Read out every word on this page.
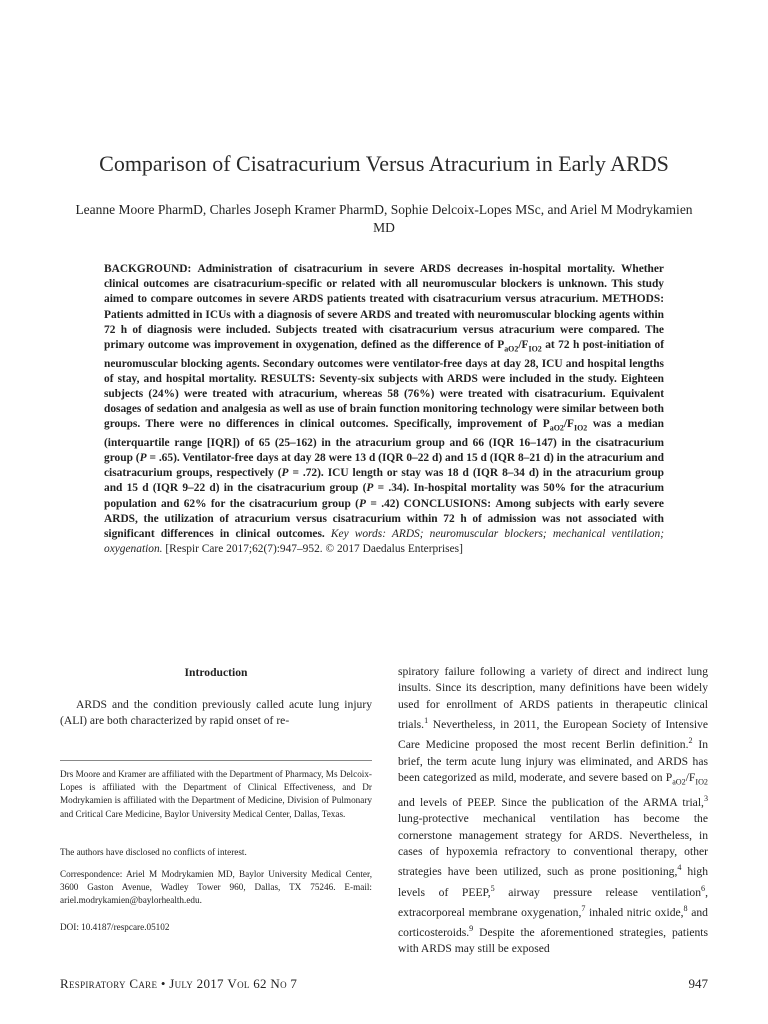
Comparison of Cisatracurium Versus Atracurium in Early ARDS
Leanne Moore PharmD, Charles Joseph Kramer PharmD, Sophie Delcoix-Lopes MSc, and Ariel M Modrykamien MD
BACKGROUND: Administration of cisatracurium in severe ARDS decreases in-hospital mortality. Whether clinical outcomes are cisatracurium-specific or related with all neuromuscular blockers is unknown. This study aimed to compare outcomes in severe ARDS patients treated with cisatracurium versus atracurium. METHODS: Patients admitted in ICUs with a diagnosis of severe ARDS and treated with neuromuscular blocking agents within 72 h of diagnosis were included. Subjects treated with cisatracurium versus atracurium were compared. The primary outcome was improvement in oxygenation, defined as the difference of $P_{aO2}/F_{IO2}$ at 72 h post-initiation of neuromuscular blocking agents. Secondary outcomes were ventilator-free days at day 28, ICU and hospital lengths of stay, and hospital mortality. RESULTS: Seventy-six subjects with ARDS were included in the study. Eighteen subjects (24%) were treated with atracurium, whereas 58 (76%) were treated with cisatracurium. Equivalent dosages of sedation and analgesia as well as use of brain function monitoring technology were similar between both groups. There were no differences in clinical outcomes. Specifically, improvement of $P_{aO2}/F_{IO2}$ was a median (interquartile range [IQR]) of 65 (25–162) in the atracurium group and 66 (IQR 16–147) in the cisatracurium group (P = .65). Ventilator-free days at day 28 were 13 d (IQR 0–22 d) and 15 d (IQR 8–21 d) in the atracurium and cisatracurium groups, respectively (P = .72). ICU length or stay was 18 d (IQR 8–34 d) in the atracurium group and 15 d (IQR 9–22 d) in the cisatracurium group (P = .34). In-hospital mortality was 50% for the atracurium population and 62% for the cisatracurium group (P = .42) CONCLUSIONS: Among subjects with early severe ARDS, the utilization of atracurium versus cisatracurium within 72 h of admission was not associated with significant differences in clinical outcomes. Key words: ARDS; neuromuscular blockers; mechanical ventilation; oxygenation. [Respir Care 2017;62(7):947–952. © 2017 Daedalus Enterprises]
Introduction
ARDS and the condition previously called acute lung injury (ALI) are both characterized by rapid onset of re-
Drs Moore and Kramer are affiliated with the Department of Pharmacy, Ms Delcoix-Lopes is affiliated with the Department of Clinical Effectiveness, and Dr Modrykamien is affiliated with the Department of Medicine, Division of Pulmonary and Critical Care Medicine, Baylor University Medical Center, Dallas, Texas.
The authors have disclosed no conflicts of interest.
Correspondence: Ariel M Modrykamien MD, Baylor University Medical Center, 3600 Gaston Avenue, Wadley Tower 960, Dallas, TX 75246. E-mail: ariel.modrykamien@baylorhealth.edu.
DOI: 10.4187/respcare.05102
spiratory failure following a variety of direct and indirect lung insults. Since its description, many definitions have been widely used for enrollment of ARDS patients in therapeutic clinical trials.$^1$ Nevertheless, in 2011, the European Society of Intensive Care Medicine proposed the most recent Berlin definition.$^2$ In brief, the term acute lung injury was eliminated, and ARDS has been categorized as mild, moderate, and severe based on $P_{aO2}/F_{IO2}$ and levels of PEEP. Since the publication of the ARMA trial,$^3$ lung-protective mechanical ventilation has become the cornerstone management strategy for ARDS. Nevertheless, in cases of hypoxemia refractory to conventional therapy, other strategies have been utilized, such as prone positioning,$^4$ high levels of PEEP,$^5$ airway pressure release ventilation$^6$, extracorporeal membrane oxygenation,$^7$ inhaled nitric oxide,$^8$ and corticosteroids.$^9$ Despite the aforementioned strategies, patients with ARDS may still be exposed
Respiratory Care • July 2017 Vol 62 No 7	947
